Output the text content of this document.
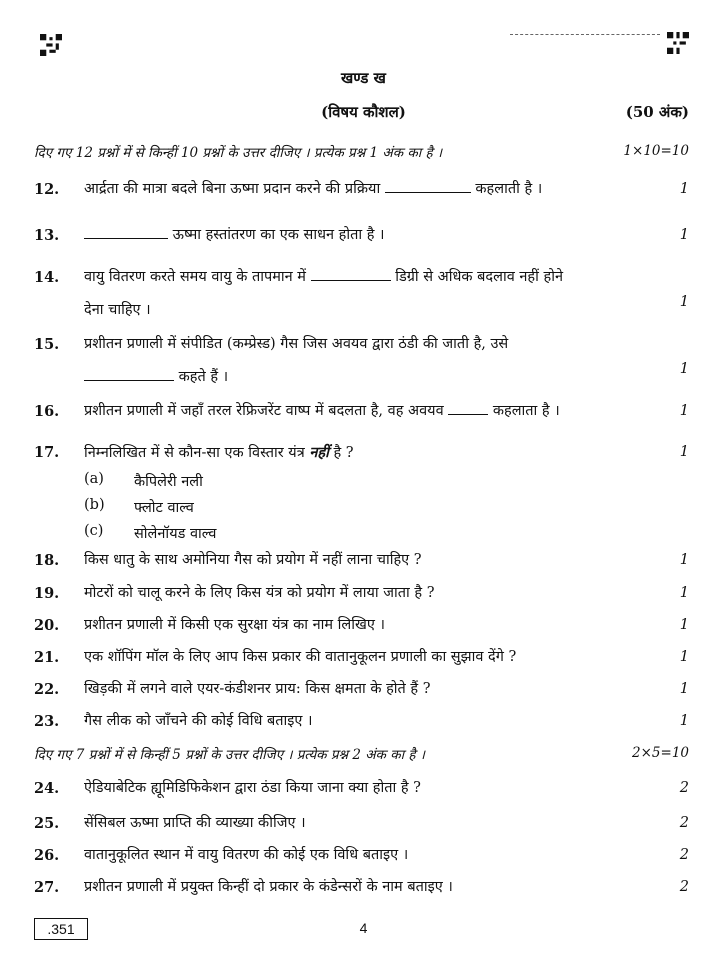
खण्ड ख
(विषय कौशल)	(50 अंक)
दिए गए 12 प्रश्नों में से किन्हीं 10 प्रश्नों के उत्तर दीजिए । प्रत्येक प्रश्न 1 अंक का है ।	1×10=10
12.	आर्द्रता की मात्रा बदले बिना ऊष्मा प्रदान करने की प्रक्रिया	कहलाती है ।	1
13.	ऊष्मा हस्तांतरण का एक साधन होता है ।	1
14.	वायु वितरण करते समय वायु के तापमान में	डिग्री से अधिक बदलाव नहीं होने
देना चाहिए ।	1
15.	प्रशीतन प्रणाली में संपीडित (कम्प्रेस्ड) गैस जिस अवयव द्वारा ठंडी की जाती है, उसे
कहते हैं ।	1
16.	प्रशीतन प्रणाली में जहाँ तरल रेफ्रिजरेंट वाष्प में बदलता है, वह अवयव	कहलाता है ।	1
17.	निम्नलिखित में से कौन-सा एक विस्तार यंत्र नहीं है ?	1
(a) कैपिलेरी नली
(b) फ्लोट वाल्व
(c) सोलेनॉयड वाल्व
18.	किस धातु के साथ अमोनिया गैस को प्रयोग में नहीं लाना चाहिए ?	1
19.	मोटरों को चालू करने के लिए किस यंत्र को प्रयोग में लाया जाता है ?	1
20.	प्रशीतन प्रणाली में किसी एक सुरक्षा यंत्र का नाम लिखिए ।	1
21.	एक शॉपिंग मॉल के लिए आप किस प्रकार की वातानुकूलन प्रणाली का सुझाव देंगे ?	1
22.	खिड़की में लगने वाले एयर-कंडीशनर प्राय: किस क्षमता के होते हैं ?	1
23.	गैस लीक को जाँचने की कोई विधि बताइए ।	1
दिए गए 7 प्रश्नों में से किन्हीं 5 प्रश्नों के उत्तर दीजिए । प्रत्येक प्रश्न 2 अंक का है ।	2×5=10
24.	ऐडियाबेटिक ह्यूमिडिफिकेशन द्वारा ठंडा किया जाना क्या होता है ?	2
25.	सेंसिबल ऊष्मा प्राप्ति की व्याख्या कीजिए ।	2
26.	वातानुकूलित स्थान में वायु वितरण की कोई एक विधि बताइए ।	2
27.	प्रशीतन प्रणाली में प्रयुक्त किन्हीं दो प्रकार के कंडेन्सरों के नाम बताइए ।	2
.351	4
